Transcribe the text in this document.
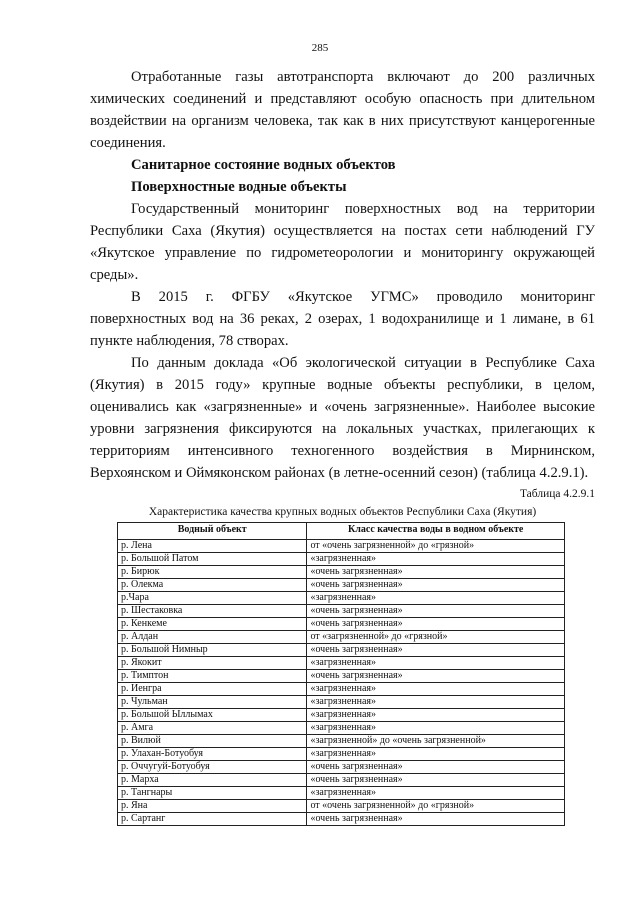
285

Отработанные газы автотранспорта включают до 200 различных химических соединений и представляют особую опасность при длительном воздействии на организм человека, так как в них присутствуют канцерогенные соединения.

Санитарное состояние водных объектов

Поверхностные водные объекты

Государственный мониторинг поверхностных вод на территории Республики Саха (Якутия) осуществляется на постах сети наблюдений ГУ «Якутское управление по гидрометеорологии и мониторингу окружающей среды».

В 2015 г. ФГБУ «Якутское УГМС» проводило мониторинг поверхностных вод на 36 реках, 2 озерах, 1 водохранилище и 1 лимане, в 61 пункте наблюдения, 78 створах.

По данным доклада «Об экологической ситуации в Республике Саха (Якутия) в 2015 году» крупные водные объекты республики, в целом, оценивались как «загрязненные» и «очень загрязненные». Наиболее высокие уровни загрязнения фиксируются на локальных участках, прилегающих к территориям интенсивного техногенного воздействия в Мирнинском, Верхоянском и Оймяконском районах (в летне-осенний сезон) (таблица 4.2.9.1).

Таблица 4.2.9.1
Характеристика качества крупных водных объектов Республики Саха (Якутия)
Водный объект	Класс качества воды в водном объекте
р. Лена	от «очень загрязненной» до «грязной»
р. Большой Патом	«загрязненная»
р. Бирюк	«очень загрязненная»
р. Олекма	«очень загрязненная»
р.Чара	«загрязненная»
р. Шестаковка	«очень загрязненная»
р. Кенкеме	«очень загрязненная»
р. Алдан	от «загрязненной» до «грязной»
р. Большой Нимныр	«очень загрязненная»
р. Якокит	«загрязненная»
р. Тимптон	«очень загрязненная»
р. Иенгра	«загрязненная»
р. Чульман	«загрязненная»
р. Большой Ыллымах	«загрязненная»
р. Амга	«загрязненная»
р. Вилюй	«загрязненной» до «очень загрязненной»
р. Улахан-Ботуобуя	«загрязненная»
р. Оччугуй-Ботуобуя	«очень загрязненная»
р. Марха	«очень загрязненная»
р. Тангнары	«загрязненная»
р. Яна	от «очень загрязненной» до «грязной»
р. Сартанг	«очень загрязненная»
